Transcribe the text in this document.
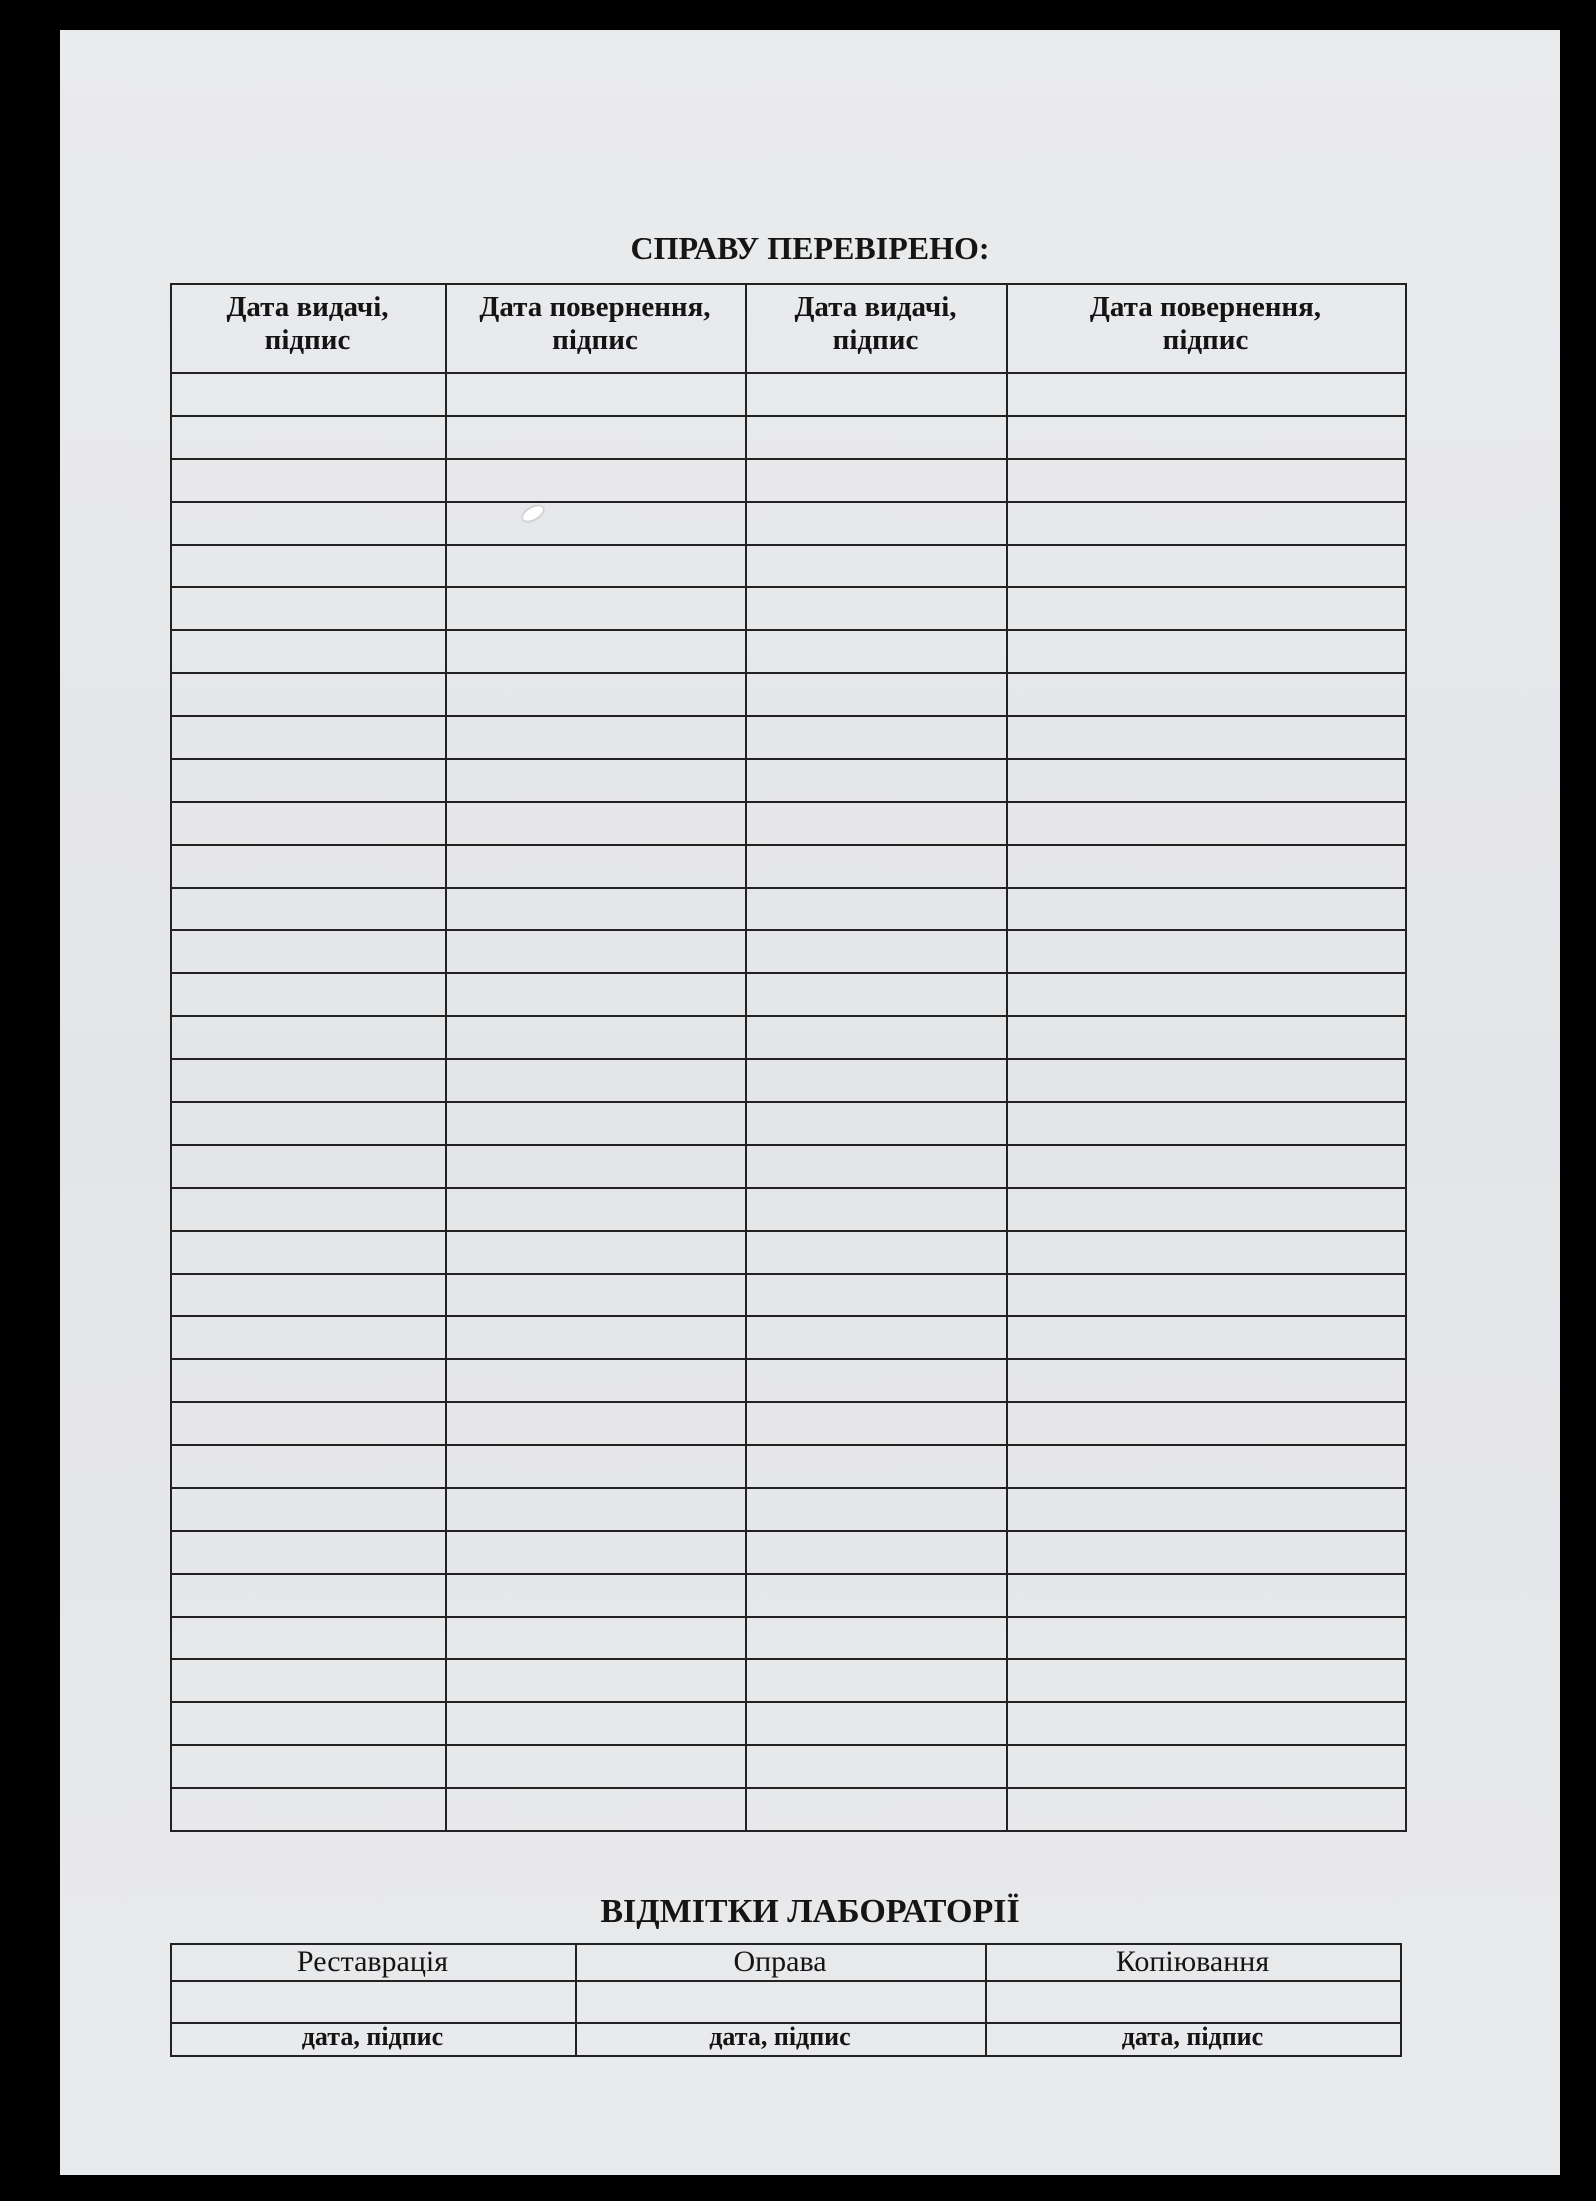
СПРАВУ ПЕРЕВІРЕНО:
Дата видачі,
підпис
Дата повернення,
підпис
Дата видачі,
підпис
Дата повернення,
підпис
ВІДМІТКИ ЛАБОРАТОРІЇ
Реставрація
дата, підпис
Оправа
дата, підпис
Копіювання
дата, підпис
